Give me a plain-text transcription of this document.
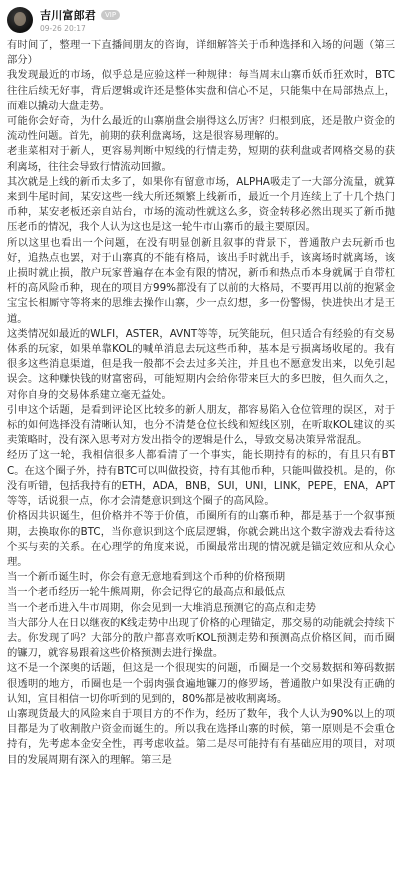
吉川富郎君	VIP
09-26 20:17

有时间了，整理一下直播间朋友的咨询，详细解答关于币种选择和入场的问题（第三部分）

我发现最近的市场，似乎总是应验这样一种规律：每当周末山寨币妖币狂欢时，BTC往往后续无好事，背后逻辑或许还是整体实盘和信心不足，只能集中在局部热点上，而难以撬动大盘走势。

可能你会好奇，为什么最近的山寨崩盘会崩得这么厉害？归根到底，还是散户资金的流动性问题。首先，前期的获利盘离场，这是很容易理解的。

老韭菜相对于新人，更容易判断中短线的行情走势，短期的获利盘或者网格交易的获利离场，往往会导致行情流动回撤。

其次就是上线的新币太多了，如果你有留意市场，ALPHA吸走了一大部分流量，就算来到牛尾时间，某安这些一线大所还频繁上线新币，最近一个月连续上了十几个热门币种，某安老板还亲自站台，市场的流动性就这么多，资金转移必然出现买了新币抛压老币的情况，我个人认为这也是这一轮牛市山寨币的最主要原因。

所以这里也看出一个问题，在没有明显创新且叙事的背景下，普通散户去玩新币也好，追热点也罢，对于山寨真的不能有格局，该出手时就出手，该离场时就离场，该止损时就止损，散户玩家普遍存在本金有限的情况，新币和热点币本身就属于自带杠杆的高风险币种，现在的项目方99%都没有了以前的大格局，不要再用以前的抱紧金宝宝长相厮守等将来的思维去操作山寨，少一点幻想，多一份警惕，快进快出才是王道。

这类情况如最近的WLFI，ASTER，AVNT等等，玩笑能玩，但只适合有经验的有交易体系的玩家，如果单靠KOL的喊单消息去玩这些币种，基本是亏损离场收尾的。我有很多这些消息渠道，但是我一般都不会去过多关注，并且也不愿意发出来，以免引起误会。这种赚快钱的财富密码，可能短期内会给你带来巨大的多巴胺，但久而久之，对你自身的交易体系建立毫无益处。

引申这个话题，是看到评论区比较多的新人朋友，都容易陷入仓位管理的误区，对于标的如何选择没有清晰认知，也分不清楚仓位长线和短线区别，在听取KOL建议的买卖策略时，没有深入思考对方发出指令的逻辑是什么，导致交易决策异常混乱。

经历了这一轮，我相信很多人都看清了一个事实，能长期持有的标的，有且只有BTC。在这个圈子外，持有BTC可以叫做投资，持有其他币种，只能叫做投机。是的，你没有听错，包括我持有的ETH，ADA，BNB，SUI，UNI，LINK，PEPE，ENA，APT等等，话说狠一点，你才会清楚意识到这个圈子的高风险。

价格因共识诞生，但价格并不等于价值，币圈所有的山寨币种，都是基于一个叙事预期，去换取你的BTC，当你意识到这个底层逻辑，你就会跳出这个数字游戏去看待这个买与卖的关系。在心理学的角度来说，币圈最常出现的情况就是锚定效应和从众心理。

当一个新币诞生时，你会有意无意地看到这个币种的价格预期

当一个老币经历一轮牛熊周期，你会记得它的最高点和最低点

当一个老币进入牛市周期，你会见到一大堆消息预测它的高点和走势

当大部分人在日以继夜的K线走势中出现了价格的心理锚定，那交易的动能就会持续下去。你发现了吗？大部分的散户都喜欢听KOL预测走势和预测高点价格区间，而币圈的镰刀，就容易跟着这些价格预测去进行操盘。

这不是一个深奥的话题，但这是一个很现实的问题，币圈是一个交易数据和筹码数据很透明的地方，币圈也是一个弱肉强食遍地镰刀的修罗场，普通散户如果没有正确的认知，宣目相信一切你听到的见到的，80%都是被收割离场。

山寨现货最大的风险来自于项目方的不作为，经历了数年，我个人认为90%以上的项目都是为了收割散户资金而诞生的。所以我在选择山寨的时候，第一原则是不会重仓持有，先考虑本金安全性，再考虑收益。第二是尽可能持有有基础应用的项目，对项目的发展周期有深入的理解。第三是
